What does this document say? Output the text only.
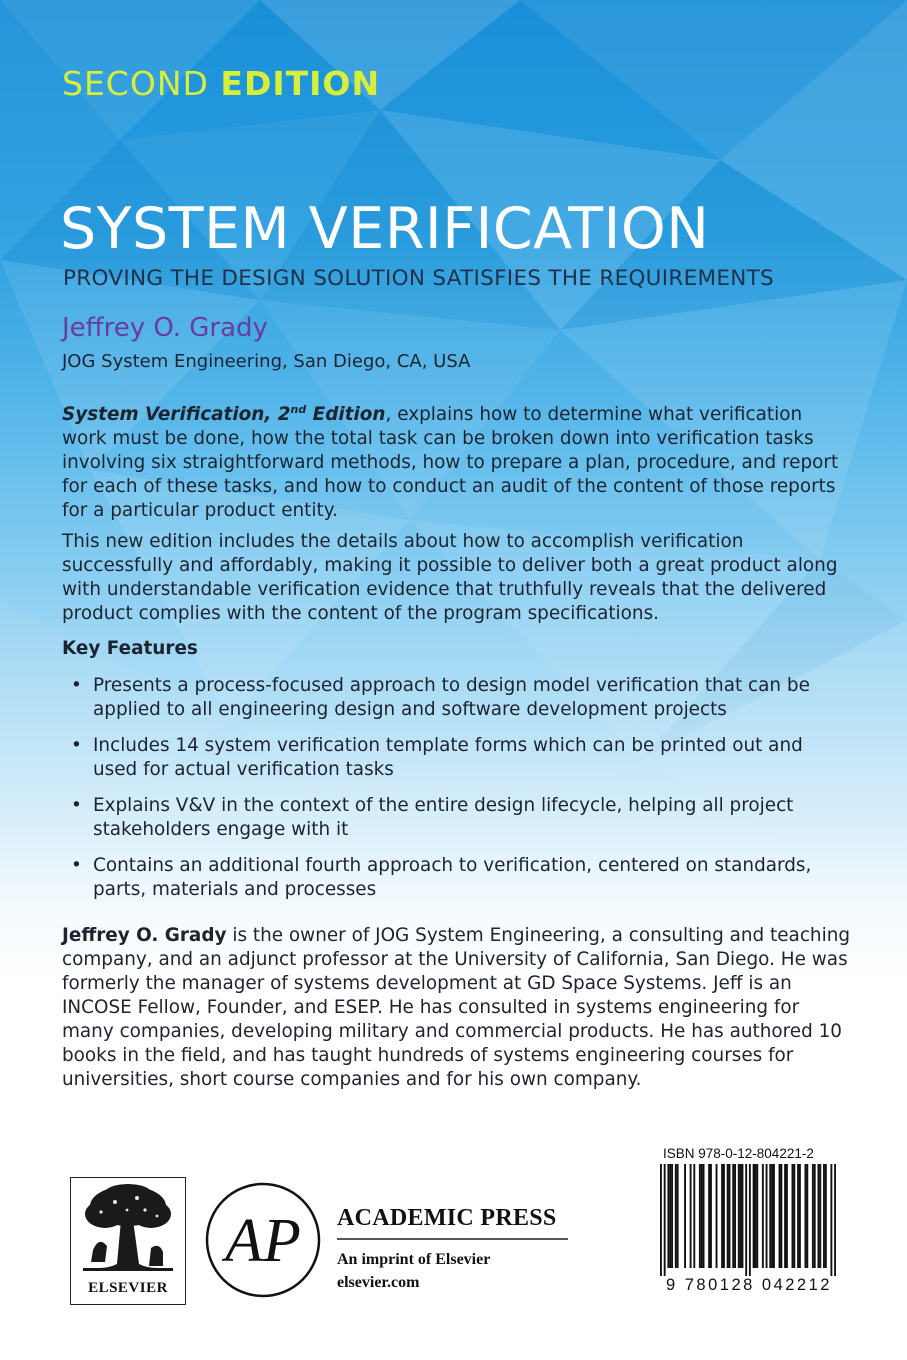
SECOND EDITION
SYSTEM VERIFICATION
PROVING THE DESIGN SOLUTION SATISFIES THE REQUIREMENTS
Jeffrey O. Grady
JOG System Engineering, San Diego, CA, USA
System Verification, 2nd Edition, explains how to determine what verification work must be done, how the total task can be broken down into verification tasks involving six straightforward methods, how to prepare a plan, procedure, and report for each of these tasks, and how to conduct an audit of the content of those reports for a particular product entity.
This new edition includes the details about how to accomplish verification successfully and affordably, making it possible to deliver both a great product along with understandable verification evidence that truthfully reveals that the delivered product complies with the content of the program specifications.
Key Features
• Presents a process-focused approach to design model verification that can be applied to all engineering design and software development projects
• Includes 14 system verification template forms which can be printed out and used for actual verification tasks
• Explains V&V in the context of the entire design lifecycle, helping all project stakeholders engage with it
• Contains an additional fourth approach to verification, centered on standards, parts, materials and processes
Jeffrey O. Grady is the owner of JOG System Engineering, a consulting and teaching company, and an adjunct professor at the University of California, San Diego. He was formerly the manager of systems development at GD Space Systems. Jeff is an INCOSE Fellow, Founder, and ESEP. He has consulted in systems engineering for many companies, developing military and commercial products. He has authored 10 books in the field, and has taught hundreds of systems engineering courses for universities, short course companies and for his own company.
ELSEVIER
AP ACADEMIC PRESS
An imprint of Elsevier
elsevier.com
ISBN 978-0-12-804221-2
9 780128 042212
